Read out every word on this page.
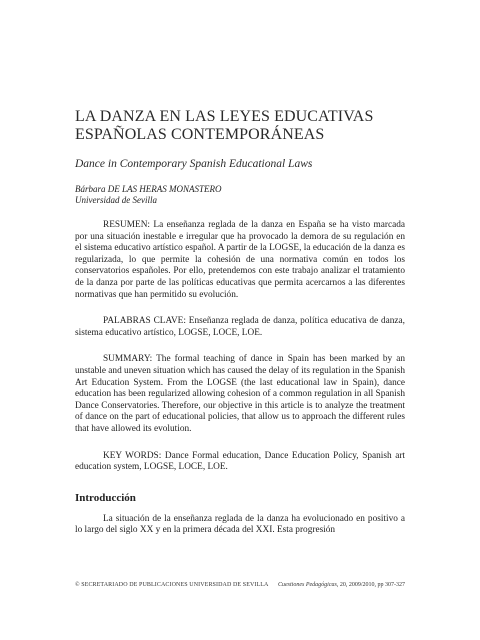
LA DANZA EN LAS LEYES EDUCATIVAS ESPAÑOLAS CONTEMPORÁNEAS
Dance in Contemporary Spanish Educational Laws
Bárbara DE LAS HERAS MONASTERO
Universidad de Sevilla
RESUMEN: La enseñanza reglada de la danza en España se ha visto marcada por una situación inestable e irregular que ha provocado la demora de su regulación en el sistema educativo artístico español. A partir de la LOGSE, la educación de la danza es regularizada, lo que permite la cohesión de una normativa común en todos los conservatorios españoles. Por ello, pretendemos con este trabajo analizar el tratamiento de la danza por parte de las políticas educativas que permita acercarnos a las diferentes normativas que han permitido su evolución.
PALABRAS CLAVE: Enseñanza reglada de danza, política educativa de danza, sistema educativo artístico, LOGSE, LOCE, LOE.
SUMMARY: The formal teaching of dance in Spain has been marked by an unstable and uneven situation which has caused the delay of its regulation in the Spanish Art Education System. From the LOGSE (the last educational law in Spain), dance education has been regularized allowing cohesion of a common regulation in all Spanish Dance Conservatories. Therefore, our objective in this article is to analyze the treatment of dance on the part of educational policies, that allow us to approach the different rules that have allowed its evolution.
KEY WORDS: Dance Formal education, Dance Education Policy, Spanish art education system, LOGSE, LOCE, LOE.
Introducción
La situación de la enseñanza reglada de la danza ha evolucionado en positivo a lo largo del siglo XX y en la primera década del XXI. Esta progresión
© SECRETARIADO DE PUBLICACIONES UNIVERSIDAD DE SEVILLA Cuestiones Pedagógicas, 20, 2009/2010, pp 307-327
